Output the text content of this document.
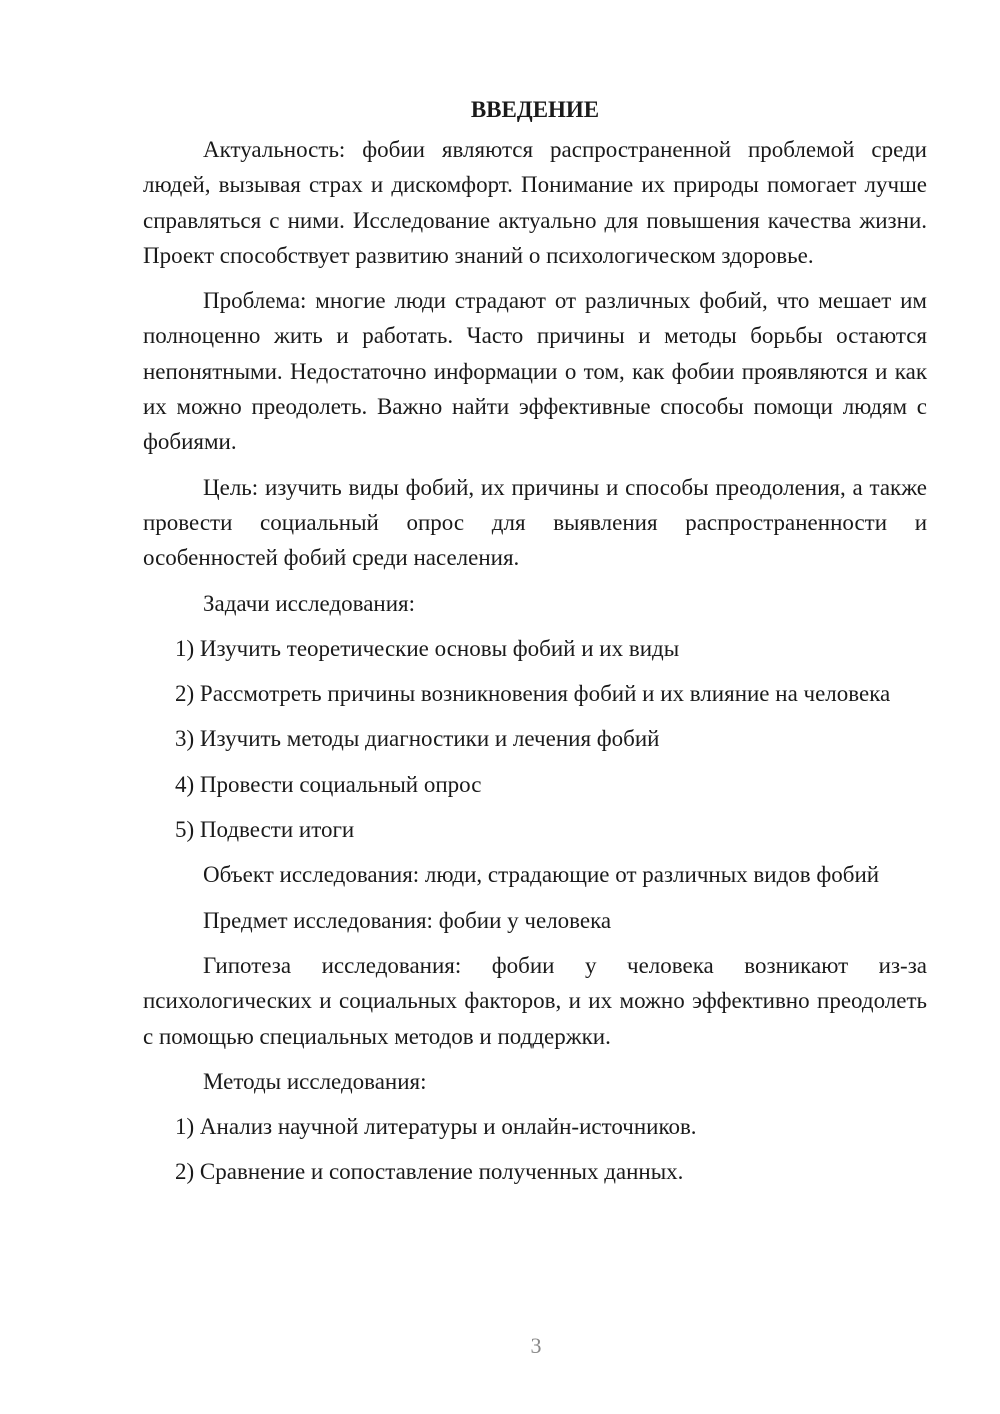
ВВЕДЕНИЕ

Актуальность: фобии являются распространенной проблемой среди людей, вызывая страх и дискомфорт. Понимание их природы помогает лучше справляться с ними. Исследование актуально для повышения качества жизни. Проект способствует развитию знаний о психологическом здоровье.

Проблема: многие люди страдают от различных фобий, что мешает им полноценно жить и работать. Часто причины и методы борьбы остаются непонятными. Недостаточно информации о том, как фобии проявляются и как их можно преодолеть. Важно найти эффективные способы помощи людям с фобиями.

Цель: изучить виды фобий, их причины и способы преодоления, а также провести социальный опрос для выявления распространенности и особенностей фобий среди населения.

Задачи исследования:

1) Изучить теоретические основы фобий и их виды

2) Рассмотреть причины возникновения фобий и их влияние на человека

3) Изучить методы диагностики и лечения фобий

4) Провести социальный опрос

5) Подвести итоги

Объект исследования: люди, страдающие от различных видов фобий

Предмет исследования: фобии у человека

Гипотеза исследования: фобии у человека возникают из-за психологических и социальных факторов, и их можно эффективно преодолеть с помощью специальных методов и поддержки.

Методы исследования:

1) Анализ научной литературы и онлайн-источников.

2) Сравнение и сопоставление полученных данных.

3
